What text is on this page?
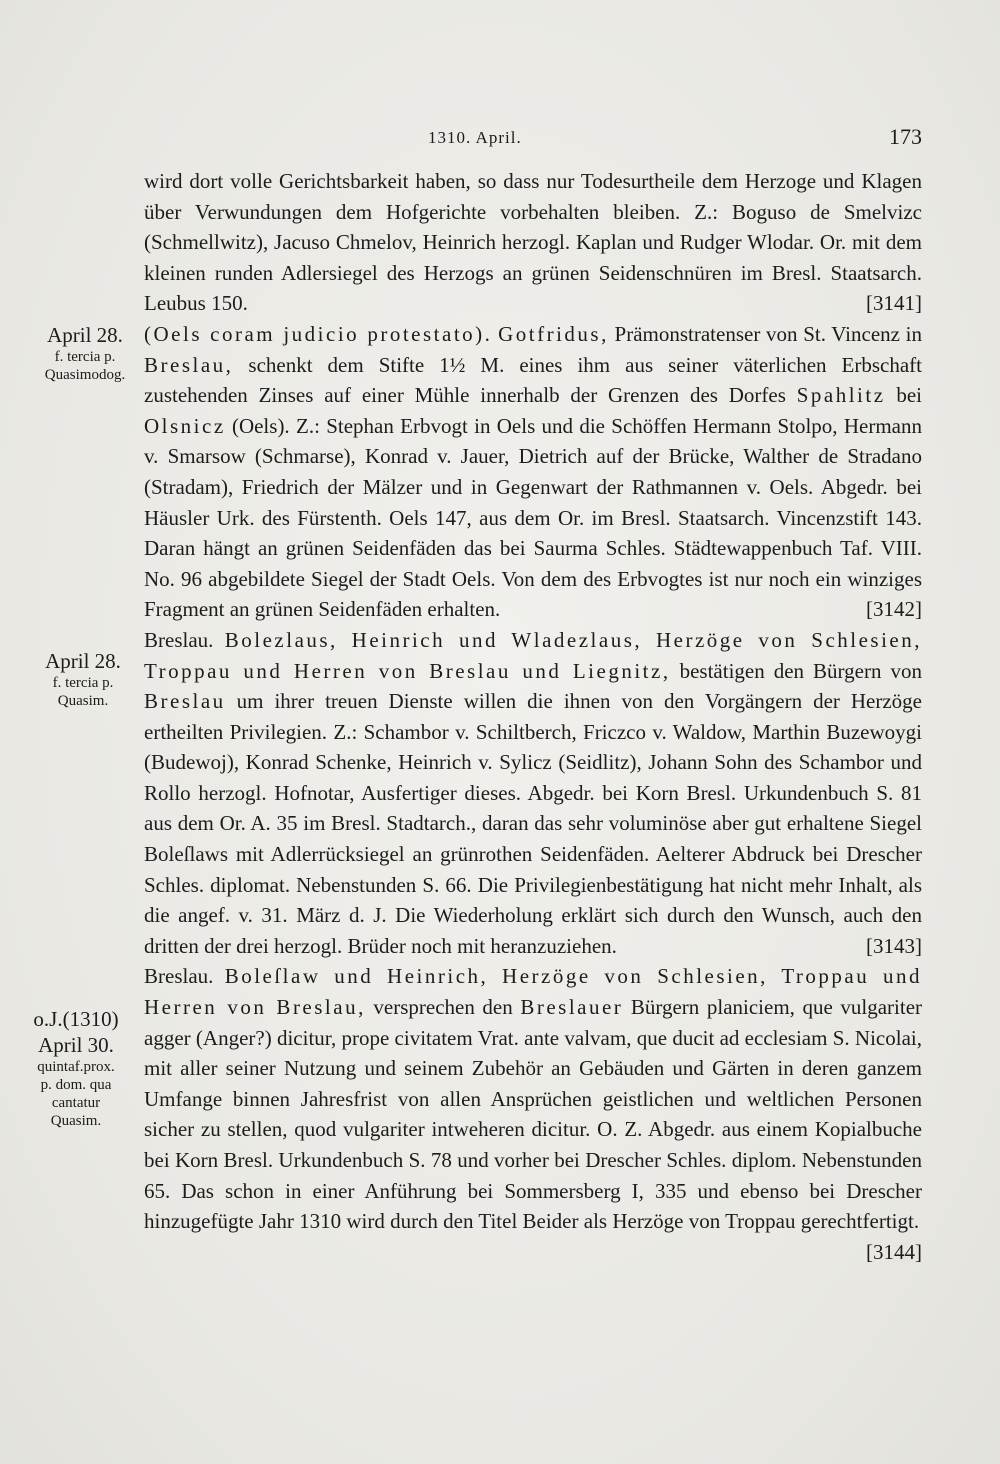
1310. April.	173
April 28.
f. tercia p.
Quasimodog.
April 28.
f. tercia p.
Quasim.
o.J.(1310)
April 30.
quintaf.prox.
p. dom. qua
cantatur
Quasim.

wird dort volle Gerichtsbarkeit haben, so dass nur Todesurtheile dem Herzoge und Klagen über Verwundungen dem Hofgerichte vorbehalten bleiben. Z.: Boguso de Smelvizc (Schmellwitz), Jacuso Chmelov, Heinrich herzogl. Kaplan und Rudger Wlodar. Or. mit dem kleinen runden Adlersiegel des Herzogs an grünen Seidenschnüren im Bresl. Staatsarch. Leubus 150.	[3141]

(Oels coram judicio protestato). Gotfridus, Prämonstratenser von St. Vincenz in Breslau, schenkt dem Stifte 1½ M. eines ihm aus seiner väterlichen Erbschaft zustehenden Zinses auf einer Mühle innerhalb der Grenzen des Dorfes Spahlitz bei Olsnicz (Oels). Z.: Stephan Erbvogt in Oels und die Schöffen Hermann Stolpo, Hermann v. Smarsow (Schmarse), Konrad v. Jauer, Dietrich auf der Brücke, Walther de Stradano (Stradam), Friedrich der Mälzer und in Gegenwart der Rathmannen v. Oels. Abgedr. bei Häusler Urk. des Fürstenth. Oels 147, aus dem Or. im Bresl. Staatsarch. Vincenzstift 143. Daran hängt an grünen Seidenfäden das bei Saurma Schles. Städtewappenbuch Taf. VIII. No. 96 abgebildete Siegel der Stadt Oels. Von dem des Erbvogtes ist nur noch ein winziges Fragment an grünen Seidenfäden erhalten.	[3142]

Breslau. Bolezlaus, Heinrich und Wladezlaus, Herzöge von Schlesien, Troppau und Herren von Breslau und Liegnitz, bestätigen den Bürgern von Breslau um ihrer treuen Dienste willen die ihnen von den Vorgängern der Herzöge ertheilten Privilegien. Z.: Schambor v. Schiltberch, Friczco v. Waldow, Marthin Buzewoygi (Budewoj), Konrad Schenke, Heinrich v. Sylicz (Seidlitz), Johann Sohn des Schambor und Rollo herzogl. Hofnotar, Ausfertiger dieses. Abgedr. bei Korn Bresl. Urkundenbuch S. 81 aus dem Or. A. 35 im Bresl. Stadtarch., daran das sehr voluminöse aber gut erhaltene Siegel Boleſlaws mit Adlerrücksiegel an grünrothen Seidenfäden. Aelterer Abdruck bei Drescher Schles. diplomat. Nebenstunden S. 66. Die Privilegienbestätigung hat nicht mehr Inhalt, als die angef. v. 31. März d. J. Die Wiederholung erklärt sich durch den Wunsch, auch den dritten der drei herzogl. Brüder noch mit heranzuziehen.	[3143]

Breslau. Boleſlaw und Heinrich, Herzöge von Schlesien, Troppau und Herren von Breslau, versprechen den Breslauer Bürgern planiciem, que vulgariter agger (Anger?) dicitur, prope civitatem Vrat. ante valvam, que ducit ad ecclesiam S. Nicolai, mit aller seiner Nutzung und seinem Zubehör an Gebäuden und Gärten in deren ganzem Umfange binnen Jahresfrist von allen Ansprüchen geistlichen und weltlichen Personen sicher zu stellen, quod vulgariter intweheren dicitur. O. Z. Abgedr. aus einem Kopialbuche bei Korn Bresl. Urkundenbuch S. 78 und vorher bei Drescher Schles. diplom. Nebenstunden 65. Das schon in einer Anführung bei Sommersberg I, 335 und ebenso bei Drescher hinzugefügte Jahr 1310 wird durch den Titel Beider als Herzöge von Troppau gerechtfertigt.
[3144]
